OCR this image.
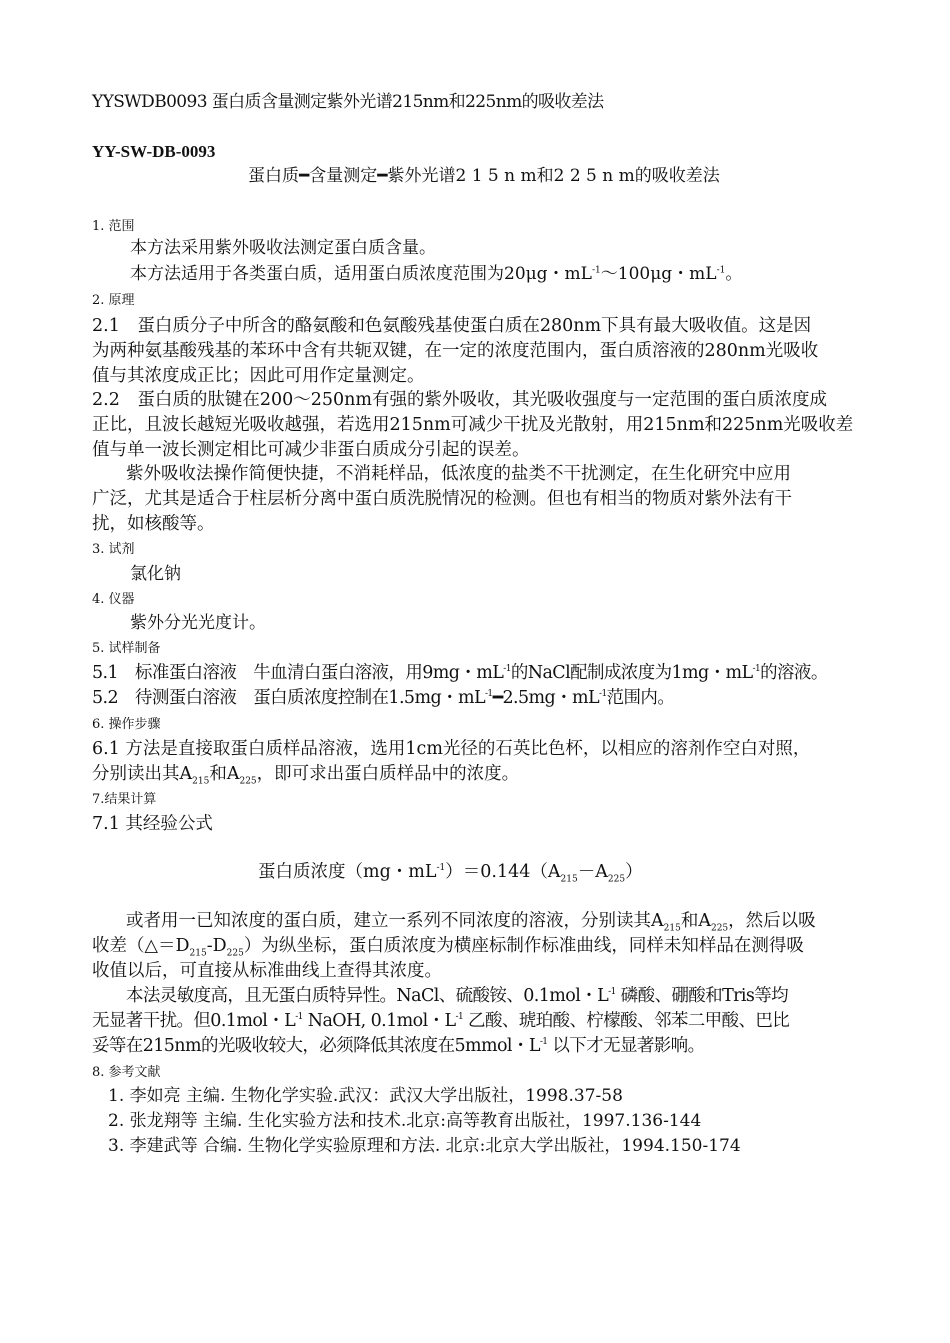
YYSWDB0093 蛋白质含量测定紫外光谱215nm和225nm的吸收差法
YY-SW-DB-0093
蛋白质━含量测定━紫外光谱2 1 5 n m和2 2 5 n m的吸收差法
1. 范围
本方法采用紫外吸收法测定蛋白质含量。
本方法适用于各类蛋白质，适用蛋白质浓度范围为20μg・$mL^{-1}\sim 100\mu g$・$mL^{-1}$。
2. 原理
2.1　蛋白质分子中所含的酪氨酸和色氨酸残基使蛋白质在280nm下具有最大吸收值。这是因
为两种氨基酸残基的苯环中含有共轭双键，在一定的浓度范围内，蛋白质溶液的280nm光吸收
值与其浓度成正比；因此可用作定量测定。
2.2　蛋白质的肽键在200～250nm有强的紫外吸收，其光吸收强度与一定范围的蛋白质浓度成
正比，且波长越短光吸收越强，若选用215nm可减少干扰及光散射，用215nm和225nm光吸收差
值与单一波长测定相比可减少非蛋白质成分引起的误差。
紫外吸收法操作简便快捷，不消耗样品，低浓度的盐类不干扰测定，在生化研究中应用
广泛，尤其是适合于柱层析分离中蛋白质洗脱情况的检测。但也有相当的物质对紫外法有干
扰，如核酸等。
3. 试剂
氯化钠
4. 仪器
紫外分光光度计。
5. 试样制备
5.1　标准蛋白溶液　牛血清白蛋白溶液，用9mg・$mL^{-1}$的NaCl配制成浓度为1mg・$mL^{-1}$的溶液。
5.2　待测蛋白溶液　蛋白质浓度控制在1.5mg・$mL^{-1}━2.5mg$・$mL^{-1}$范围内。
6. 操作步骤
6.1 方法是直接取蛋白质样品溶液，选用1cm光径的石英比色杯，以相应的溶剂作空白对照，
分别读出其$A_{215}$和$A_{225}$，即可求出蛋白质样品中的浓度。
7.结果计算
7.1 其经验公式
蛋白质浓度（mg・$mL^{-1})=0.144(A_{215}-A_{225})$
或者用一已知浓度的蛋白质，建立一系列不同浓度的溶液，分别读其$A_{215}$和$A_{225}$，然后以吸
收差$(\triangle=D_{215}-D_{225})$为纵坐标，蛋白质浓度为横座标制作标准曲线，同样未知样品在测得吸
收值以后，可直接从标准曲线上查得其浓度。
本法灵敏度高，且无蛋白质特异性。NaCl、硫酸铵、0.1mol・$L^{-1}$ 磷酸、硼酸和Tris等均
无显著干扰。但0.1mol・$L^{-1}$ NaOH, 0.1mol・$L^{-1}$ 乙酸、琥珀酸、柠檬酸、邻苯二甲酸、巴比
妥等在215nm的光吸收较大，必须降低其浓度在5mmol・$L^{-1}$ 以下才无显著影响。
8. 参考文献
1. 李如亮 主编. 生物化学实验.武汉：武汉大学出版社，1998.37-58
2. 张龙翔等 主编. 生化实验方法和技术.北京:高等教育出版社，1997.136-144
3. 李建武等 合编. 生物化学实验原理和方法. 北京:北京大学出版社，1994.150-174
